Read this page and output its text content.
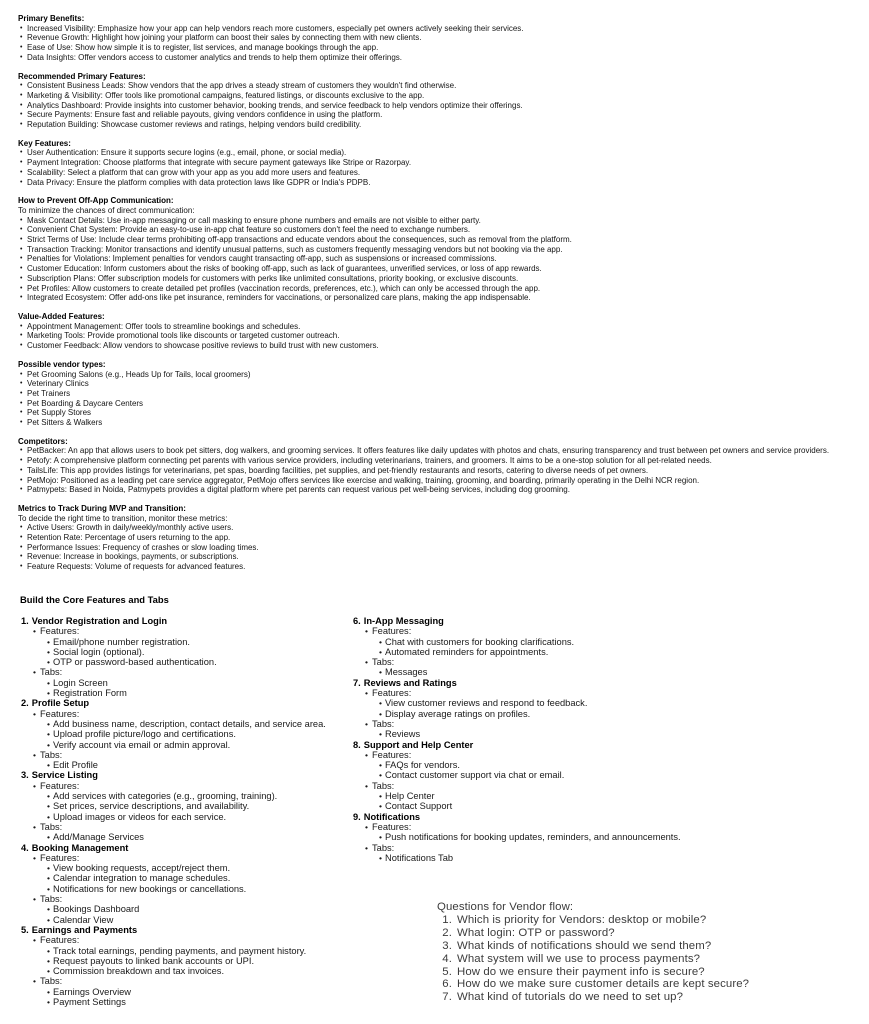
Primary Benefits:
• Increased Visibility: Emphasize how your app can help vendors reach more customers, especially pet owners actively seeking their services.
• Revenue Growth: Highlight how joining your platform can boost their sales by connecting them with new clients.
• Ease of Use: Show how simple it is to register, list services, and manage bookings through the app.
• Data Insights: Offer vendors access to customer analytics and trends to help them optimize their offerings.
Recommended Primary Features:
• Consistent Business Leads: Show vendors that the app drives a steady stream of customers they wouldn't find otherwise.
• Marketing & Visibility: Offer tools like promotional campaigns, featured listings, or discounts exclusive to the app.
• Analytics Dashboard: Provide insights into customer behavior, booking trends, and service feedback to help vendors optimize their offerings.
• Secure Payments: Ensure fast and reliable payouts, giving vendors confidence in using the platform.
• Reputation Building: Showcase customer reviews and ratings, helping vendors build credibility.
Key Features:
• User Authentication: Ensure it supports secure logins (e.g., email, phone, or social media).
• Payment Integration: Choose platforms that integrate with secure payment gateways like Stripe or Razorpay.
• Scalability: Select a platform that can grow with your app as you add more users and features.
• Data Privacy: Ensure the platform complies with data protection laws like GDPR or India's PDPB.
How to Prevent Off-App Communication:
To minimize the chances of direct communication:
• Mask Contact Details: Use in-app messaging or call masking to ensure phone numbers and emails are not visible to either party.
• Convenient Chat System: Provide an easy-to-use in-app chat feature so customers don't feel the need to exchange numbers.
• Strict Terms of Use: Include clear terms prohibiting off-app transactions and educate vendors about the consequences, such as removal from the platform.
• Transaction Tracking: Monitor transactions and identify unusual patterns, such as customers frequently messaging vendors but not booking via the app.
• Penalties for Violations: Implement penalties for vendors caught transacting off-app, such as suspensions or increased commissions.
• Customer Education: Inform customers about the risks of booking off-app, such as lack of guarantees, unverified services, or loss of app rewards.
• Subscription Plans: Offer subscription models for customers with perks like unlimited consultations, priority booking, or exclusive discounts.
• Pet Profiles: Allow customers to create detailed pet profiles (vaccination records, preferences, etc.), which can only be accessed through the app.
• Integrated Ecosystem: Offer add-ons like pet insurance, reminders for vaccinations, or personalized care plans, making the app indispensable.
Value-Added Features:
• Appointment Management: Offer tools to streamline bookings and schedules.
• Marketing Tools: Provide promotional tools like discounts or targeted customer outreach.
• Customer Feedback: Allow vendors to showcase positive reviews to build trust with new customers.
Possible vendor types:
• Pet Grooming Salons (e.g., Heads Up for Tails, local groomers)
• Veterinary Clinics
• Pet Trainers
• Pet Boarding & Daycare Centers
• Pet Supply Stores
• Pet Sitters & Walkers
Competitors:
• PetBacker: An app that allows users to book pet sitters, dog walkers, and grooming services. It offers features like daily updates with photos and chats, ensuring transparency and trust between pet owners and service providers.
• Petofy: A comprehensive platform connecting pet parents with various service providers, including veterinarians, trainers, and groomers. It aims to be a one-stop solution for all pet-related needs.
• TailsLife: This app provides listings for veterinarians, pet spas, boarding facilities, pet supplies, and pet-friendly restaurants and resorts, catering to diverse needs of pet owners.
• PetMojo: Positioned as a leading pet care service aggregator, PetMojo offers services like exercise and walking, training, grooming, and boarding, primarily operating in the Delhi NCR region.
• Patmypets: Based in Noida, Patmypets provides a digital platform where pet parents can request various pet well-being services, including dog grooming.
Metrics to Track During MVP and Transition:
To decide the right time to transition, monitor these metrics:
• Active Users: Growth in daily/weekly/monthly active users.
• Retention Rate: Percentage of users returning to the app.
• Performance Issues: Frequency of crashes or slow loading times.
• Revenue: Increase in bookings, payments, or subscriptions.
• Feature Requests: Volume of requests for advanced features.
Build the Core Features and Tabs
1. Vendor Registration and Login
• Features:
• Email/phone number registration.
• Social login (optional).
• OTP or password-based authentication.
• Tabs:
• Login Screen
• Registration Form
2. Profile Setup
• Features:
• Add business name, description, contact details, and service area.
• Upload profile picture/logo and certifications.
• Verify account via email or admin approval.
• Tabs:
• Edit Profile
3. Service Listing
• Features:
• Add services with categories (e.g., grooming, training).
• Set prices, service descriptions, and availability.
• Upload images or videos for each service.
• Tabs:
• Add/Manage Services
4. Booking Management
• Features:
• View booking requests, accept/reject them.
• Calendar integration to manage schedules.
• Notifications for new bookings or cancellations.
• Tabs:
• Bookings Dashboard
• Calendar View
5. Earnings and Payments
• Features:
• Track total earnings, pending payments, and payment history.
• Request payouts to linked bank accounts or UPI.
• Commission breakdown and tax invoices.
• Tabs:
• Earnings Overview
• Payment Settings
6. In-App Messaging
• Features:
• Chat with customers for booking clarifications.
• Automated reminders for appointments.
• Tabs:
• Messages
7. Reviews and Ratings
• Features:
• View customer reviews and respond to feedback.
• Display average ratings on profiles.
• Tabs:
• Reviews
8. Support and Help Center
• Features:
• FAQs for vendors.
• Contact customer support via chat or email.
• Tabs:
• Help Center
• Contact Support
9. Notifications
• Features:
• Push notifications for booking updates, reminders, and announcements.
• Tabs:
• Notifications Tab
Questions for Vendor flow:
1. Which is priority for Vendors: desktop or mobile?
2. What login: OTP or password?
3. What kinds of notifications should we send them?
4. What system will we use to process payments?
5. How do we ensure their payment info is secure?
6. How do we make sure customer details are kept secure?
7. What kind of tutorials do we need to set up?
